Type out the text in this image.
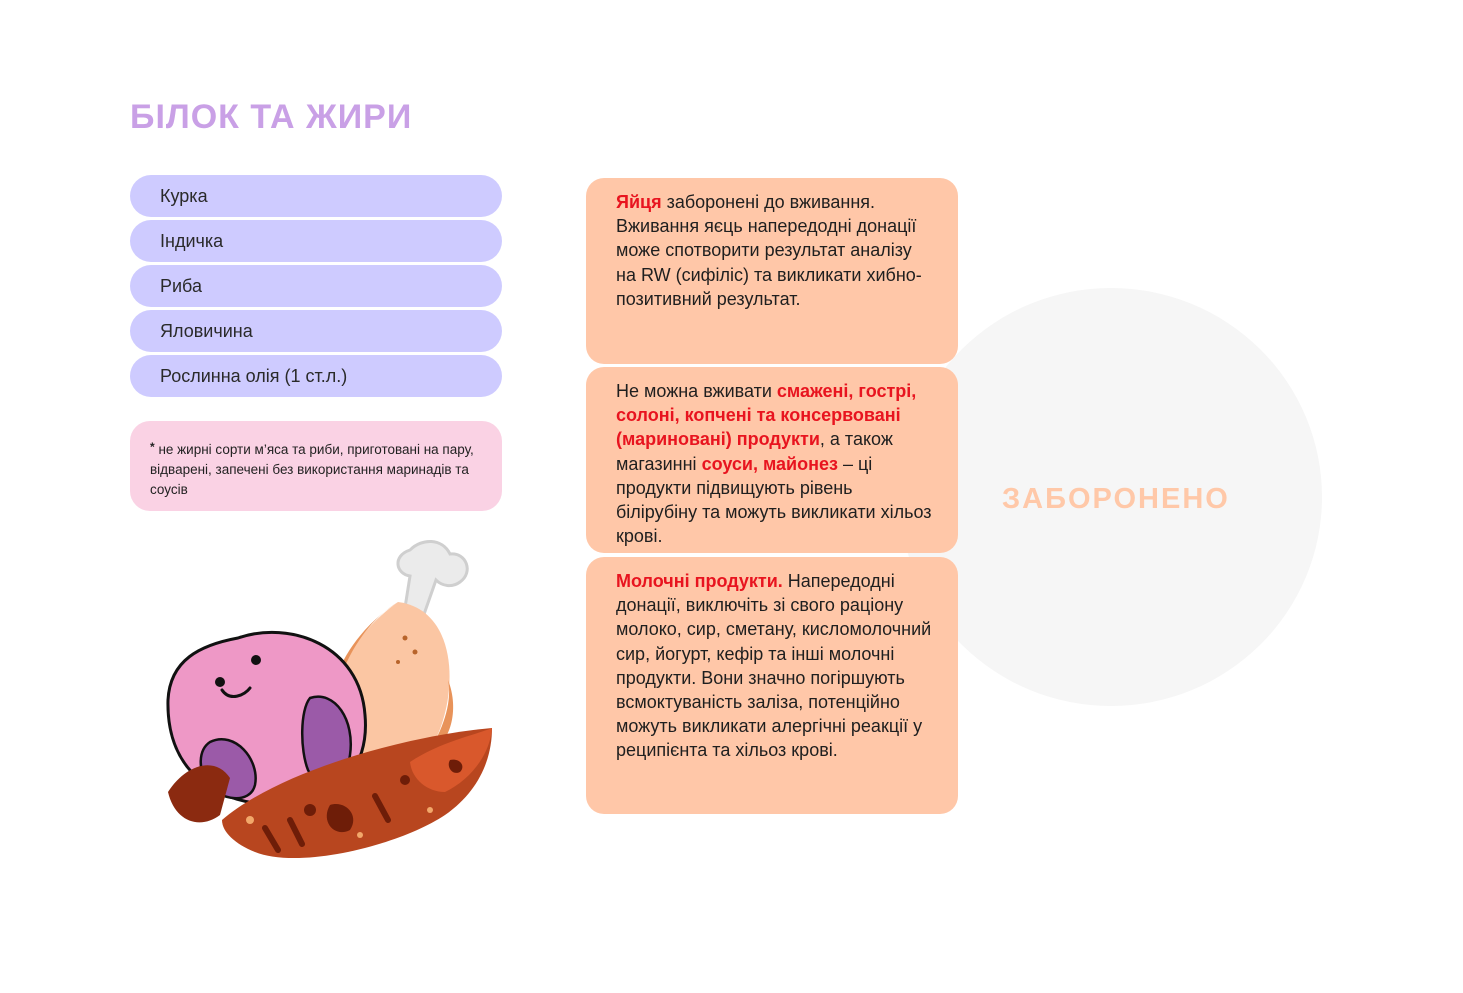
БІЛОК ТА ЖИРИ
Курка
Індичка
Риба
Яловичина
Рослинна олія (1 ст.л.)
* не жирні сорти м’яса та риби, приготовані на пару, відварені, запечені без використання маринадів та соусів	ЗАБОРОНЕНО
Яйця заборонені до вживання. Вживання яєць напередодні донації може спотворити результат аналізу на RW (сифіліс) та викликати хибно-позитивний результат.
Не можна вживати смажені, гострі, солоні, копчені та консервовані (мариновані) продукти, а також магазинні соуси, майонез – ці продукти підвищують рівень білірубіну та можуть викликати хільоз крові.
Молочні продукти. Напередодні донації, виключіть зі свого раціону молоко, сир, сметану, кисломолочний сир, йогурт, кефір та інші молочні продукти. Вони значно погіршують всмоктуваність заліза, потенційно можуть викликати алергічні реакції у реципієнта та хільоз крові.
